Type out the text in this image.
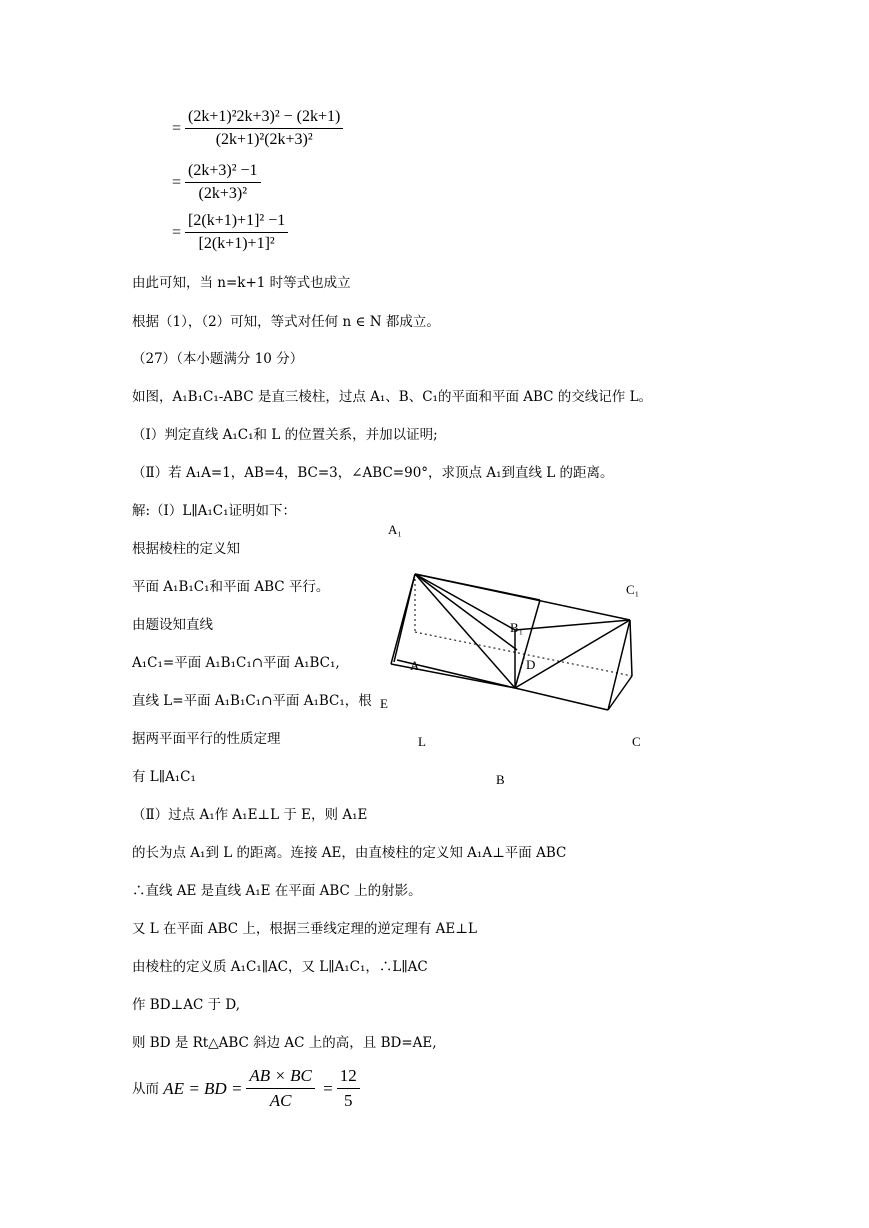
= $\frac{\text{(2k+1)²2k+3)² − (2k+1)}}{\text{(2k+1)²(2k+3)²}}$
= $\frac{\text{(2k+3)² −1}}{\text{(2k+3)²}}$
= $\frac{\text{[2(k+1)+1]² −1}}{\text{[2(k+1)+1]²}}$
由此可知，当 n=k+1 时等式也成立
根据（1），（2）可知，等式对任何 n ∈ N 都成立。
（27）（本小题满分 10 分）
如图，A₁B₁C₁-ABC 是直三棱柱，过点 A₁、B、C₁的平面和平面 ABC 的交线记作 L。
（Ⅰ）判定直线 A₁C₁和 L 的位置关系，并加以证明;
（Ⅱ）若 A₁A=1，AB=4，BC=3，∠ABC=90°，求顶点 A₁到直线 L 的距离。
解:（Ⅰ）L∥A₁C₁证明如下：
根据棱柱的定义知
平面 A₁B₁C₁和平面 ABC 平行。
由题设知直线
A₁C₁=平面 A₁B₁C₁∩平面 A₁BC₁,
直线 L=平面 A₁B₁C₁∩平面 A₁BC₁，根
据两平面平行的性质定理
有 L∥A₁C₁
（Ⅱ）过点 A₁作 A₁E⊥L 于 E，则 A₁E
的长为点 A₁到 L 的距离。连接 AE，由直棱柱的定义知 A₁A⊥平面 ABC
∴直线 AE 是直线 A₁E 在平面 ABC 上的射影。
又 L 在平面 ABC 上，根据三垂线定理的逆定理有 AE⊥L
由棱柱的定义质 A₁C₁∥AC，又 L∥A₁C₁，∴L∥AC
作 BD⊥AC 于 D,
则 BD 是 Rt△ABC 斜边 AC 上的高，且 BD=AE,
从而 AE = BD = $\frac{AB \times BC}{AC} = \frac{12}{5}$
A₁
C₁
B₁
A	D
E
L	C
B
